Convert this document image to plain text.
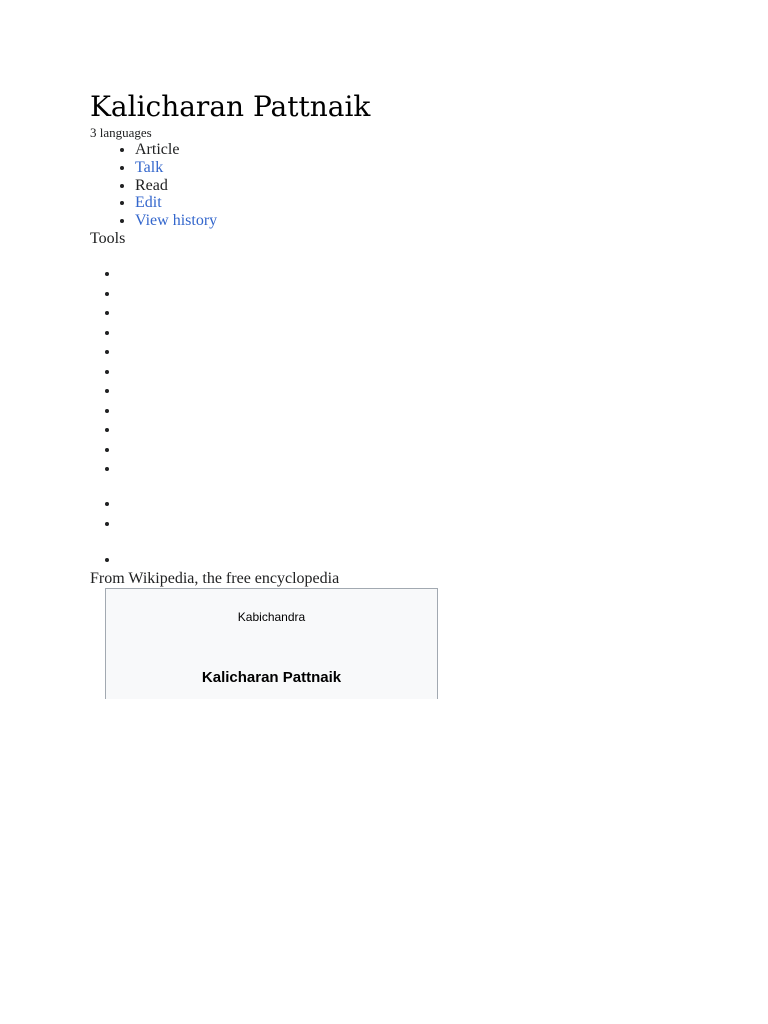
Kalicharan Pattnaik
3 languages
• Article
• Talk
• Read
• Edit
• View history
Tools
From Wikipedia, the free encyclopedia
Kabichandra
Kalicharan Pattnaik
